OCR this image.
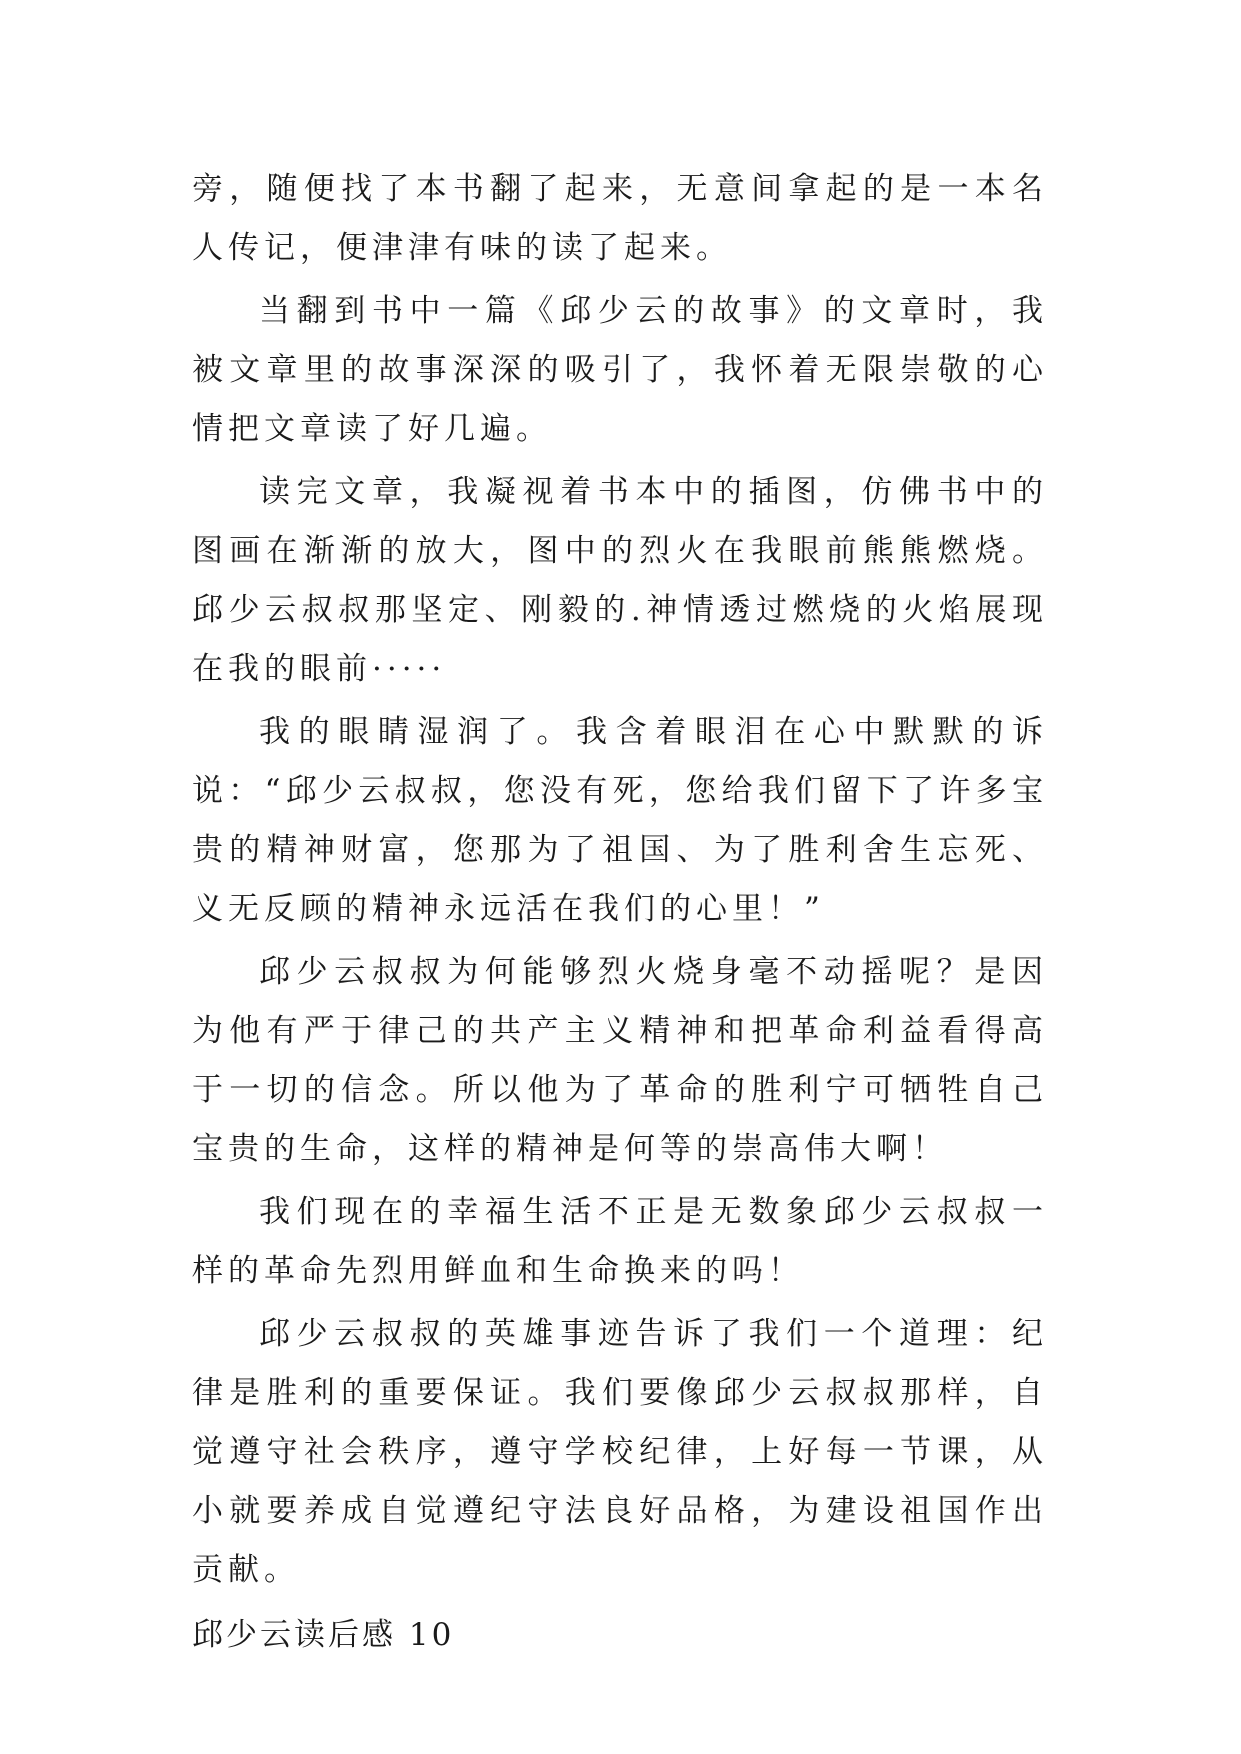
旁，随便找了本书翻了起来，无意间拿起的是一本名人传记，便津津有味的读了起来。

当翻到书中一篇《邱少云的故事》的文章时，我被文章里的故事深深的吸引了，我怀着无限崇敬的心情把文章读了好几遍。

读完文章，我凝视着书本中的插图，仿佛书中的图画在渐渐的放大，图中的烈火在我眼前熊熊燃烧。邱少云叔叔那坚定、刚毅的.神情透过燃烧的火焰展现在我的眼前·····

我的眼睛湿润了。我含着眼泪在心中默默的诉说：“邱少云叔叔，您没有死，您给我们留下了许多宝贵的精神财富，您那为了祖国、为了胜利舍生忘死、义无反顾的精神永远活在我们的心里！”

邱少云叔叔为何能够烈火烧身毫不动摇呢？是因为他有严于律己的共产主义精神和把革命利益看得高于一切的信念。所以他为了革命的胜利宁可牺牲自己宝贵的生命，这样的精神是何等的崇高伟大啊！

我们现在的幸福生活不正是无数象邱少云叔叔一样的革命先烈用鲜血和生命换来的吗！

邱少云叔叔的英雄事迹告诉了我们一个道理：纪律是胜利的重要保证。我们要像邱少云叔叔那样，自觉遵守社会秩序，遵守学校纪律，上好每一节课，从小就要养成自觉遵纪守法良好品格，为建设祖国作出贡献。

邱少云读后感 10
